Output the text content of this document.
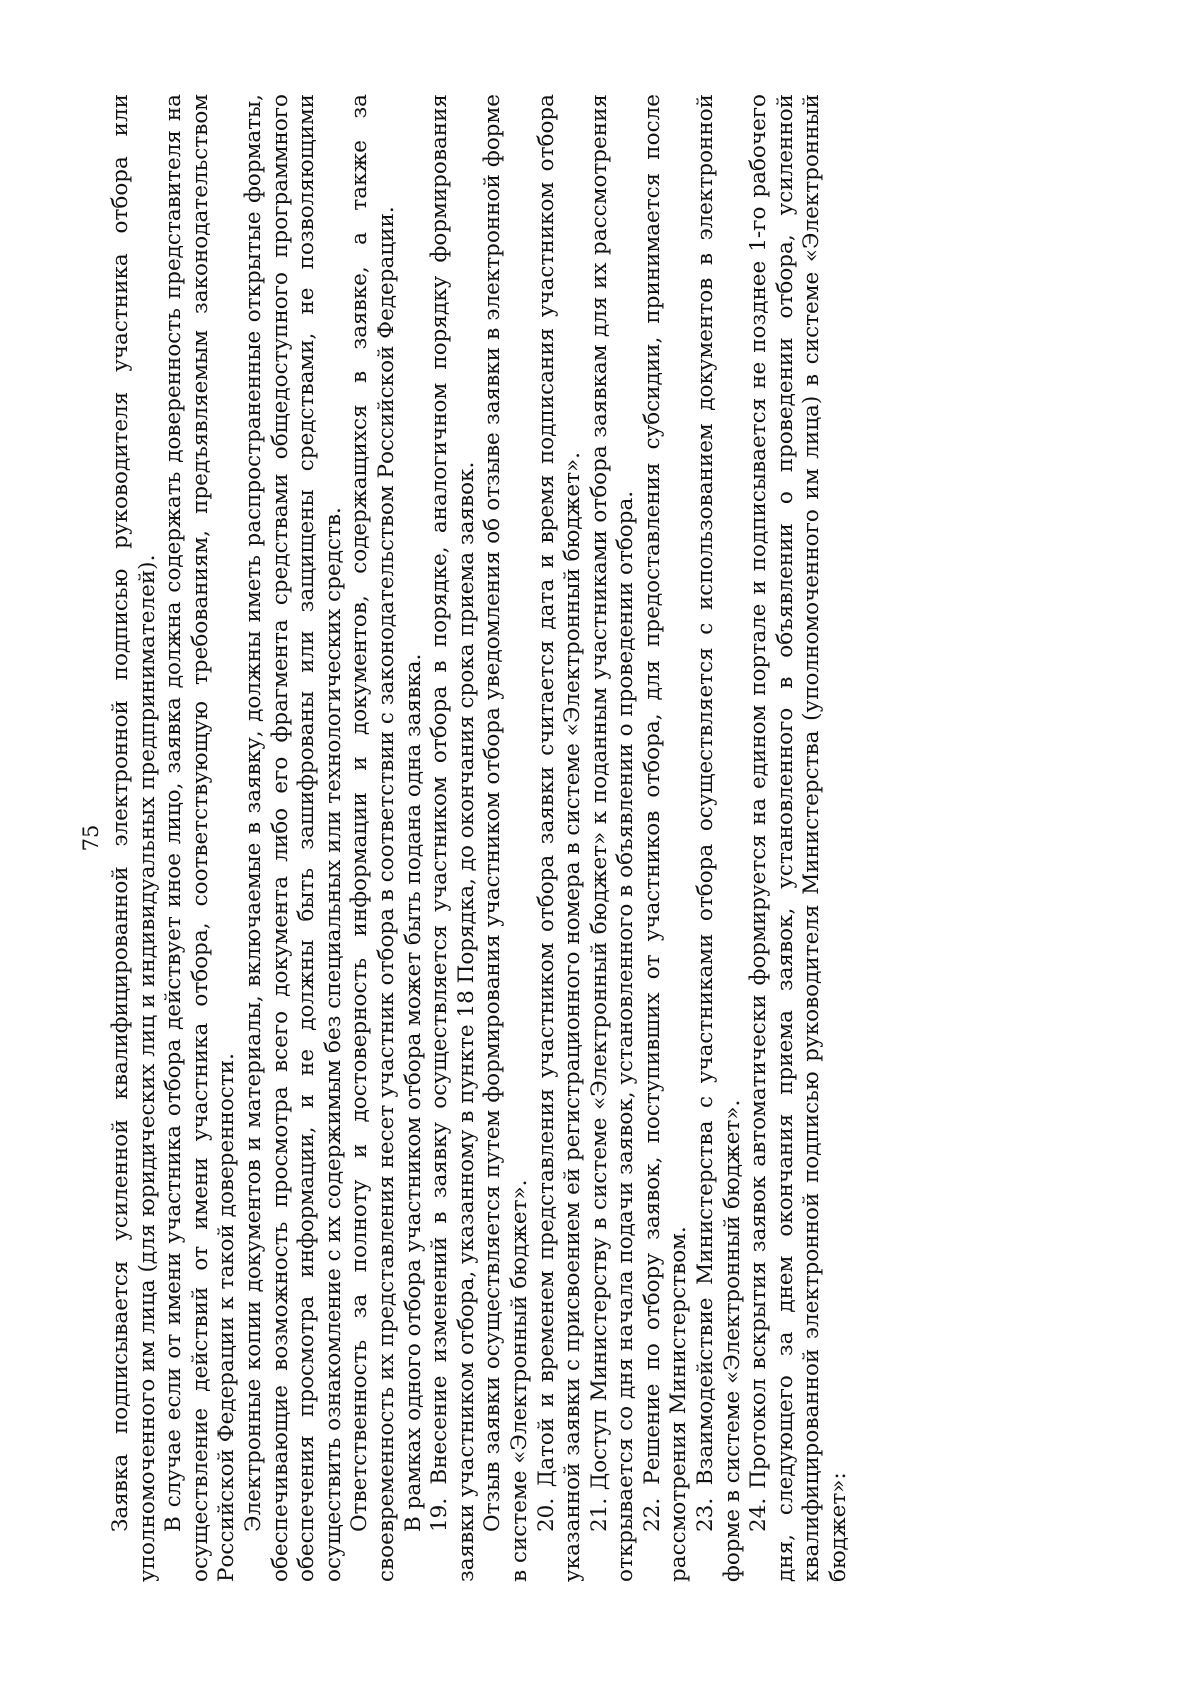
75 Заявка подписывается усиленной квалифицированной электронной подписью руководителя участника отбора или уполномоченного им лица (для юридических лиц и индивидуальных предпринимателей). В случае если от имени участника отбора действует иное лицо, заявка должна содержать доверенность представителя на осуществление действий от имени участника отбора, соответствующую требованиям, предъявляемым законодательством Российской Федерации к такой доверенности. Электронные копии документов и материалы, включаемые в заявку, должны иметь распространенные открытые форматы, обеспечивающие возможность просмотра всего документа либо его фрагмента средствами общедоступного программного обеспечения просмотра информации, и не должны быть зашифрованы или защищены средствами, не позволяющими осуществить ознакомление с их содержимым без специальных или технологических средств. Ответственность за полноту и достоверность информации и документов, содержащихся в заявке, а также за своевременность их представления несет участник отбора в соответствии с законодательством Российской Федерации. В рамках одного отбора участником отбора может быть подана одна заявка. 19. Внесение изменений в заявку осуществляется участником отбора в порядке, аналогичном порядку формирования заявки участником отбора, указанному в пункте 18 Порядка, до окончания срока приема заявок. Отзыв заявки осуществляется путем формирования участником отбора уведомления об отзыве заявки в электронной форме в системе «Электронный бюджет». 20. Датой и временем представления участником отбора заявки считается дата и время подписания участником отбора указанной заявки с присвоением ей регистрационного номера в системе «Электронный бюджет». 21. Доступ Министерству в системе «Электронный бюджет» к поданным участниками отбора заявкам для их рассмотрения открывается со дня начала подачи заявок, установленного в объявлении о проведении отбора. 22. Решение по отбору заявок, поступивших от участников отбора, для предоставления субсидии, принимается после рассмотрения Министерством. 23. Взаимодействие Министерства с участниками отбора осуществляется с использованием документов в электронной форме в системе «Электронный бюджет». 24. Протокол вскрытия заявок автоматически формируется на едином портале и подписывается не позднее 1-го рабочего дня, следующего за днем окончания приема заявок, установленного в объявлении о проведении отбора, усиленной квалифицированной электронной подписью руководителя Министерства (уполномоченного им лица) в системе «Электронный бюджет»:
